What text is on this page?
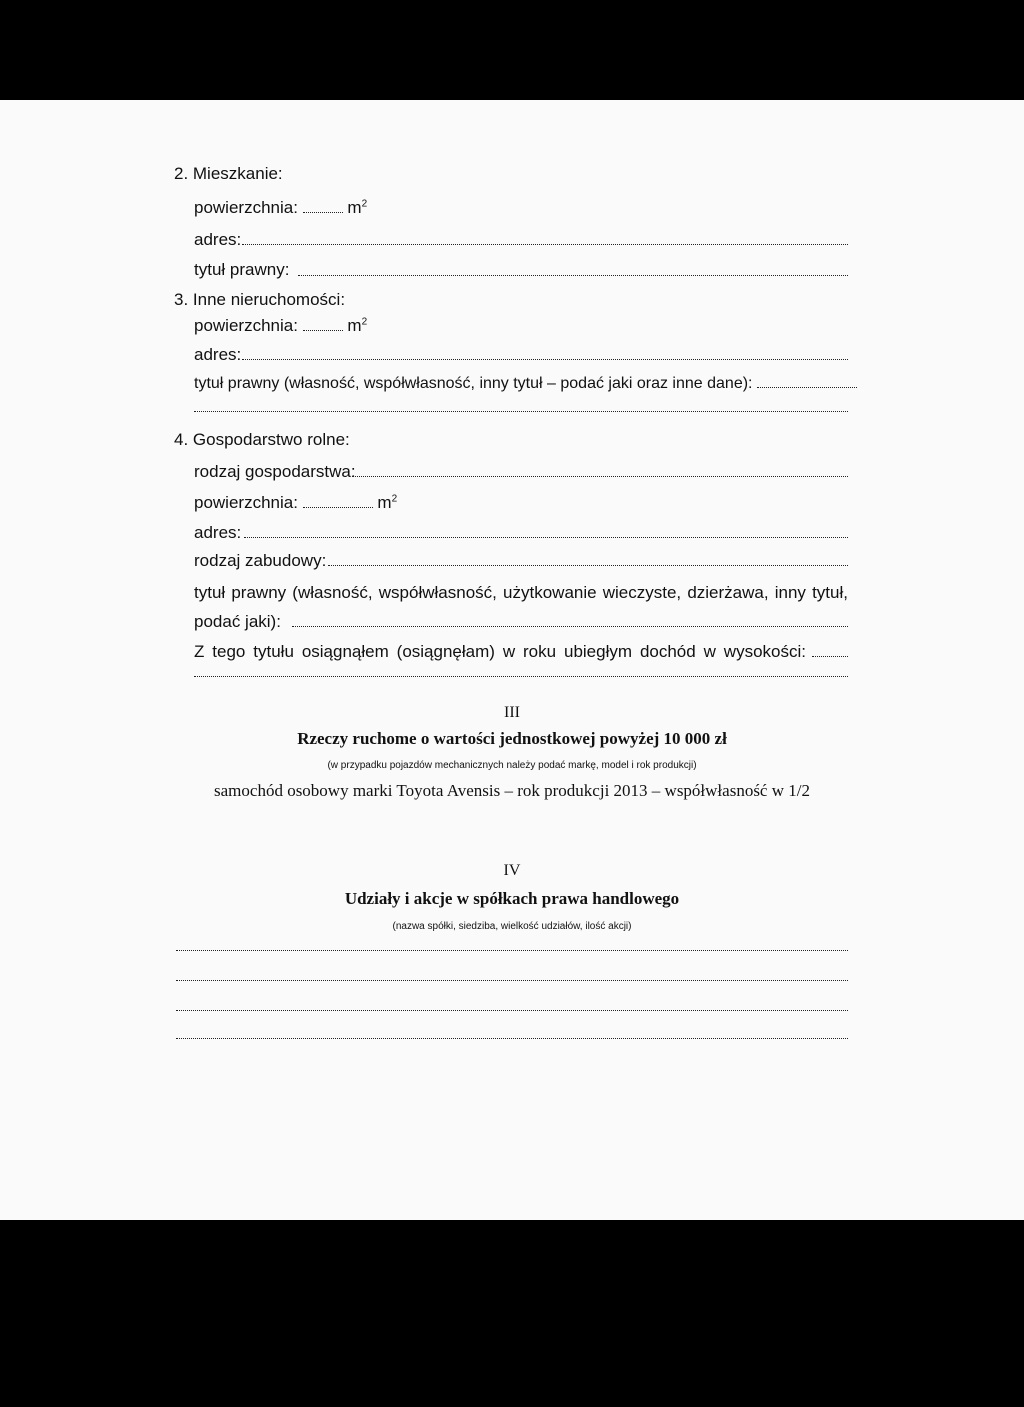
2. Mieszkanie:
powierzchnia:	$m^2$
adres:
tytuł prawny:
3. Inne nieruchomości:
powierzchnia:	$m^2$
adres:
tytuł prawny (własność, współwłasność, inny tytuł – podać jaki oraz inne dane):
4. Gospodarstwo rolne:
rodzaj gospodarstwa:
powierzchnia:	$m^2$
adres:
rodzaj zabudowy:
tytuł prawny (własność, współwłasność, użytkowanie wieczyste, dzierżawa, inny tytuł,
podać jaki):
Z tego tytułu osiągnąłem (osiągnęłam) w roku ubiegłym dochód w wysokości:
III
Rzeczy ruchome o wartości jednostkowej powyżej 10 000 zł
(w przypadku pojazdów mechanicznych należy podać markę, model i rok produkcji)
samochód osobowy marki Toyota Avensis – rok produkcji 2013 – współwłasność w 1/2
IV
Udziały i akcje w spółkach prawa handlowego
(nazwa spółki, siedziba, wielkość udziałów, ilość akcji)
